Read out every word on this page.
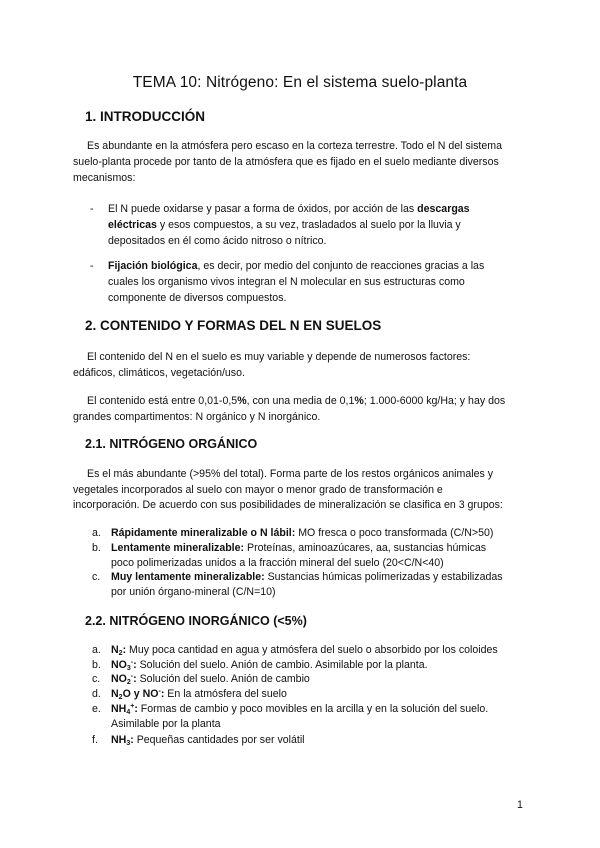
TEMA 10: Nitrógeno: En el sistema suelo-planta
1. INTRODUCCIÓN
Es abundante en la atmósfera pero escaso en la corteza terrestre. Todo el N del sistema
suelo-planta procede por tanto de la atmósfera que es fijado en el suelo mediante diversos
mecanismos:
- El N puede oxidarse y pasar a forma de óxidos, por acción de las descargas
eléctricas y esos compuestos, a su vez, trasladados al suelo por la lluvia y
depositados en él como ácido nitroso o nítrico.
- Fijación biológica, es decir, por medio del conjunto de reacciones gracias a las
cuales los organismo vivos integran el N molecular en sus estructuras como
componente de diversos compuestos.
2. CONTENIDO Y FORMAS DEL N EN SUELOS
El contenido del N en el suelo es muy variable y depende de numerosos factores:
edáficos, climáticos, vegetación/uso.
El contenido está entre 0,01-0,5%, con una media de 0,1%; 1.000-6000 kg/Ha; y hay dos
grandes compartimentos: N orgánico y N inorgánico.
2.1. NITRÓGENO ORGÁNICO
Es el más abundante (>95% del total). Forma parte de los restos orgánicos animales y
vegetales incorporados al suelo con mayor o menor grado de transformación e
incorporación. De acuerdo con sus posibilidades de mineralización se clasifica en 3 grupos:
a. Rápidamente mineralizable o N lábil: MO fresca o poco transformada (C/N>50)
b. Lentamente mineralizable: Proteínas, aminoazúcares, aa, sustancias húmicas
poco polimerizadas unidos a la fracción mineral del suelo (20<C/N<40)
c.	Muy lentamente mineralizable: Sustancias húmicas polimerizadas y estabilizadas
por unión órgano-mineral (C/N=10)
2.2. NITRÓGENO INORGÁNICO (<5%)
a. $N_2$: Muy poca cantidad en agua y atmósfera del suelo o absorbido por los coloides
b. $NO_3^-$: Solución del suelo. Anión de cambio. Asimilable por la planta.
c.	$NO_2^-$: Solución del suelo. Anión de cambio
d. $N_2O$ y NO-: En la atmósfera del suelo
e. $NH_4^+$: Formas de cambio y poco movibles en la arcilla y en la solución del suelo.
Asimilable por la planta
f.	$NH_3$: Pequeñas cantidades por ser volátil
1
